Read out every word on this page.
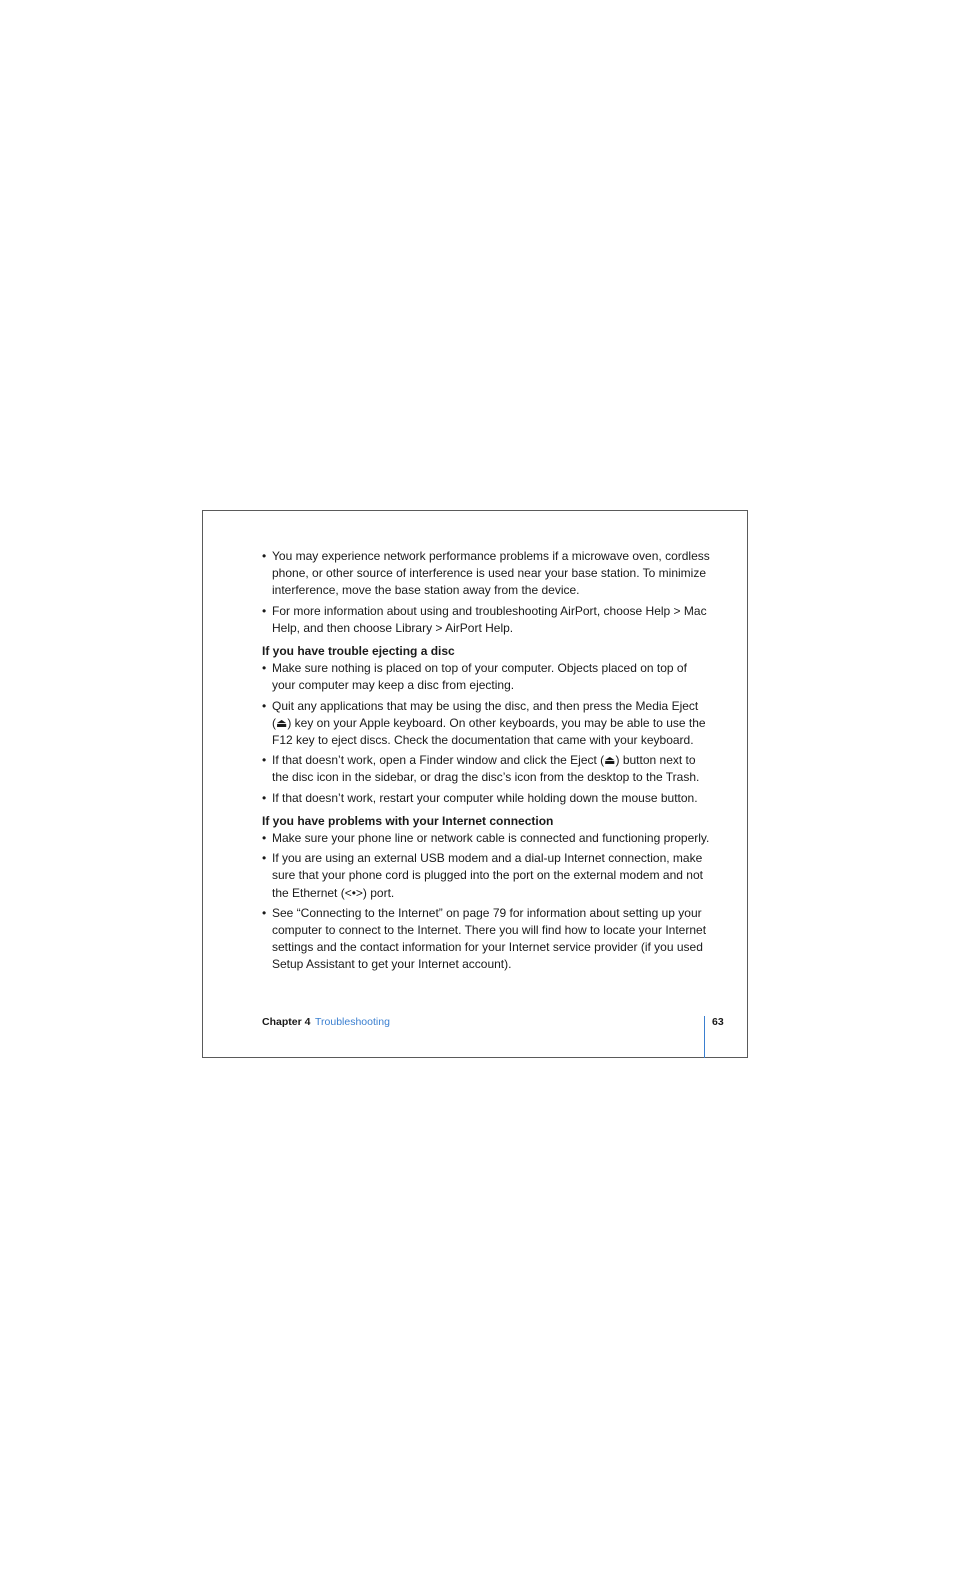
• You may experience network performance problems if a microwave oven, cordless phone, or other source of interference is used near your base station. To minimize interference, move the base station away from the device.

• For more information about using and troubleshooting AirPort, choose Help > Mac Help, and then choose Library > AirPort Help.

If you have trouble ejecting a disc

• Make sure nothing is placed on top of your computer. Objects placed on top of your computer may keep a disc from ejecting.

• Quit any applications that may be using the disc, and then press the Media Eject (⏏) key on your Apple keyboard. On other keyboards, you may be able to use the F12 key to eject discs. Check the documentation that came with your keyboard.

• If that doesn’t work, open a Finder window and click the Eject (⏏) button next to the disc icon in the sidebar, or drag the disc’s icon from the desktop to the Trash.

• If that doesn’t work, restart your computer while holding down the mouse button.

If you have problems with your Internet connection

• Make sure your phone line or network cable is connected and functioning properly.

• If you are using an external USB modem and a dial-up Internet connection, make sure that your phone cord is plugged into the port on the external modem and not the Ethernet (<•>) port.

• See “Connecting to the Internet” on page 79 for information about setting up your computer to connect to the Internet. There you will find how to locate your Internet settings and the contact information for your Internet service provider (if you used Setup Assistant to get your Internet account).

Chapter 4 Troubleshooting	63
